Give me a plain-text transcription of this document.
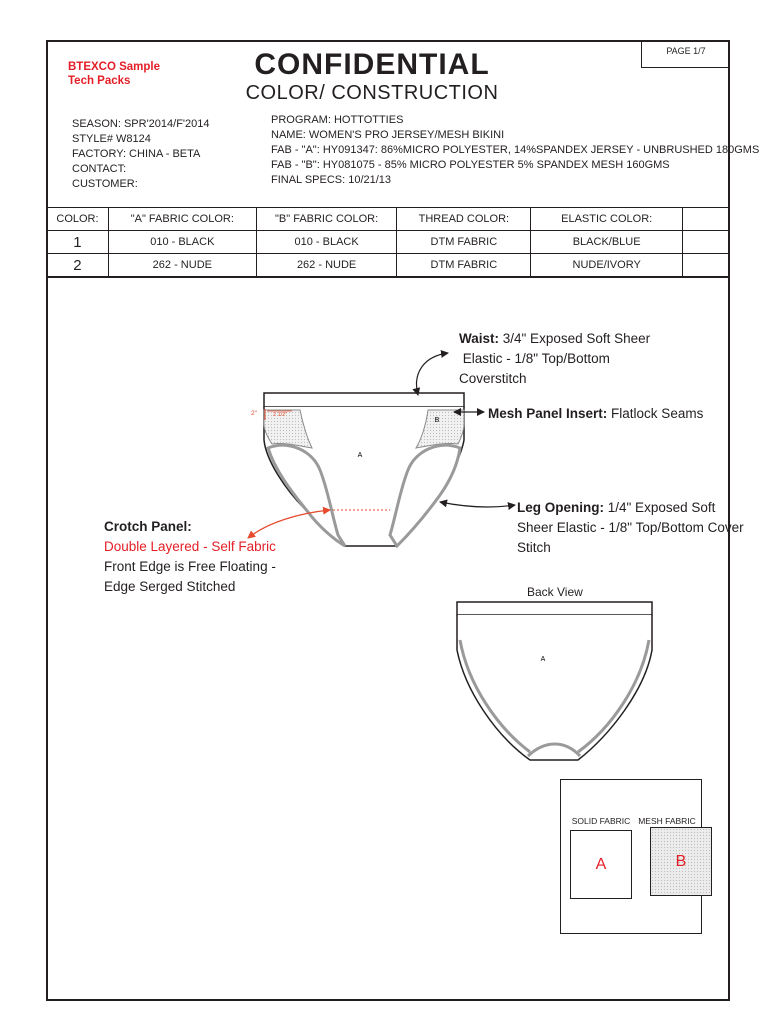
PAGE 1/7
BTEXCO Sample
Tech Packs	CONFIDENTIAL
COLOR/ CONSTRUCTION
SEASON: SPR'2014/F'2014
STYLE# W8124
FACTORY: CHINA - BETA
CONTACT:
CUSTOMER:
PROGRAM: HOTTOTTIES
NAME: WOMEN'S PRO JERSEY/MESH BIKINI
FAB - "A": HY091347: 86%MICRO POLYESTER, 14%SPANDEX JERSEY - UNBRUSHED 180GMS
FAB - "B": HY081075 - 85% MICRO POLYESTER 5% SPANDEX MESH 160GMS
FINAL SPECS: 10/21/13
COLOR:	"A" FABRIC COLOR:	"B" FABRIC COLOR:	THREAD COLOR:	ELASTIC COLOR:	
1	010 - BLACK	010 - BLACK	DTM FABRIC	BLACK/BLUE	
2	262 - NUDE	262 - NUDE	DTM FABRIC	NUDE/IVORY	
A
B
2"	2 1/2"
A
Waist: 3/4" Exposed Soft Sheer
Elastic - 1/8" Top/Bottom
Coverstitch
Mesh Panel Insert: Flatlock Seams
Leg Opening: 1/4" Exposed Soft
Sheer Elastic - 1/8" Top/Bottom Cover
Stitch
Crotch Panel:
Double Layered - Self Fabric
Front Edge is Free Floating -
Edge Serged Stitched	Back View
SOLID FABRIC MESH FABRIC
A	B
